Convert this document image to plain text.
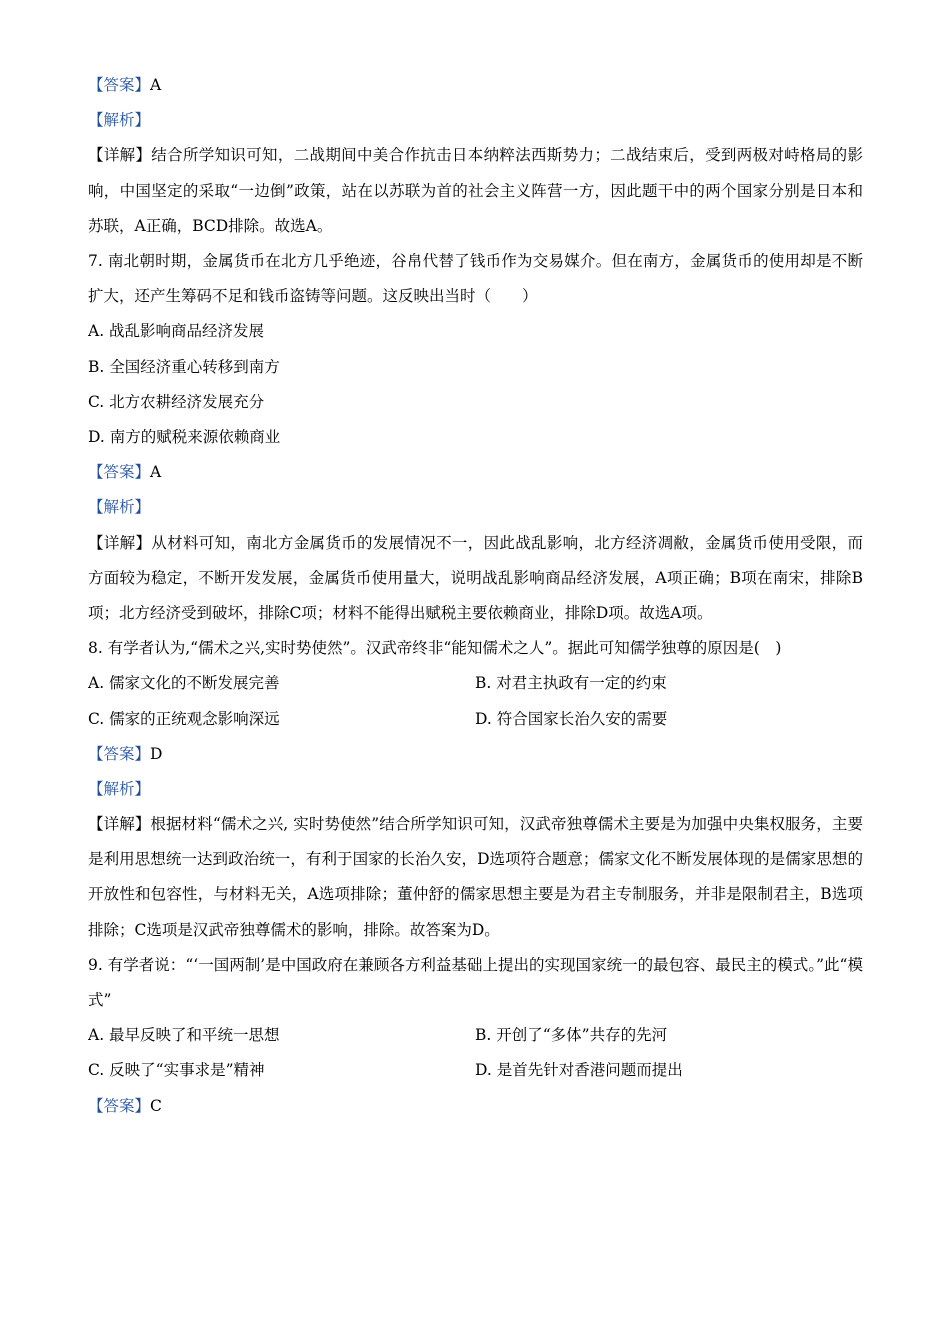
【答案】A
【解析】
【详解】结合所学知识可知，二战期间中美合作抗击日本纳粹法西斯势力；二战结束后，受到两极对峙格局的影响，中国坚定的采取“一边倒”政策，站在以苏联为首的社会主义阵营一方，因此题干中的两个国家分别是日本和苏联，A正确，BCD排除。故选A。
7. 南北朝时期，金属货币在北方几乎绝迹，谷帛代替了钱币作为交易媒介。但在南方，金属货币的使用却是不断扩大，还产生筹码不足和钱币盗铸等问题。这反映出当时（　　）
A. 战乱影响商品经济发展
B. 全国经济重心转移到南方
C. 北方农耕经济发展充分
D. 南方的赋税来源依赖商业
【答案】A
【解析】
【详解】从材料可知，南北方金属货币的发展情况不一，因此战乱影响，北方经济凋敝，金属货币使用受限，而方面较为稳定，不断开发发展，金属货币使用量大，说明战乱影响商品经济发展，A项正确；B项在南宋，排除B项；北方经济受到破坏，排除C项；材料不能得出赋税主要依赖商业，排除D项。故选A项。
8. 有学者认为,“儒术之兴,实时势使然”。汉武帝终非“能知儒术之人”。据此可知儒学独尊的原因是(　)
A. 儒家文化的不断发展完善	B. 对君主执政有一定的约束
C. 儒家的正统观念影响深远	D. 符合国家长治久安的需要
【答案】D
【解析】
【详解】根据材料“儒术之兴, 实时势使然”结合所学知识可知，汉武帝独尊儒术主要是为加强中央集权服务，主要是利用思想统一达到政治统一，有利于国家的长治久安，D选项符合题意；儒家文化不断发展体现的是儒家思想的开放性和包容性，与材料无关，A选项排除；董仲舒的儒家思想主要是为君主专制服务，并非是限制君主，B选项排除；C选项是汉武帝独尊儒术的影响，排除。故答案为D。
9. 有学者说：“‘一国两制’是中国政府在兼顾各方利益基础上提出的实现国家统一的最包容、最民主的模式。”此“模式”
A. 最早反映了和平统一思想	B. 开创了“多体”共存的先河
C. 反映了“实事求是”精神	D. 是首先针对香港问题而提出
【答案】C
